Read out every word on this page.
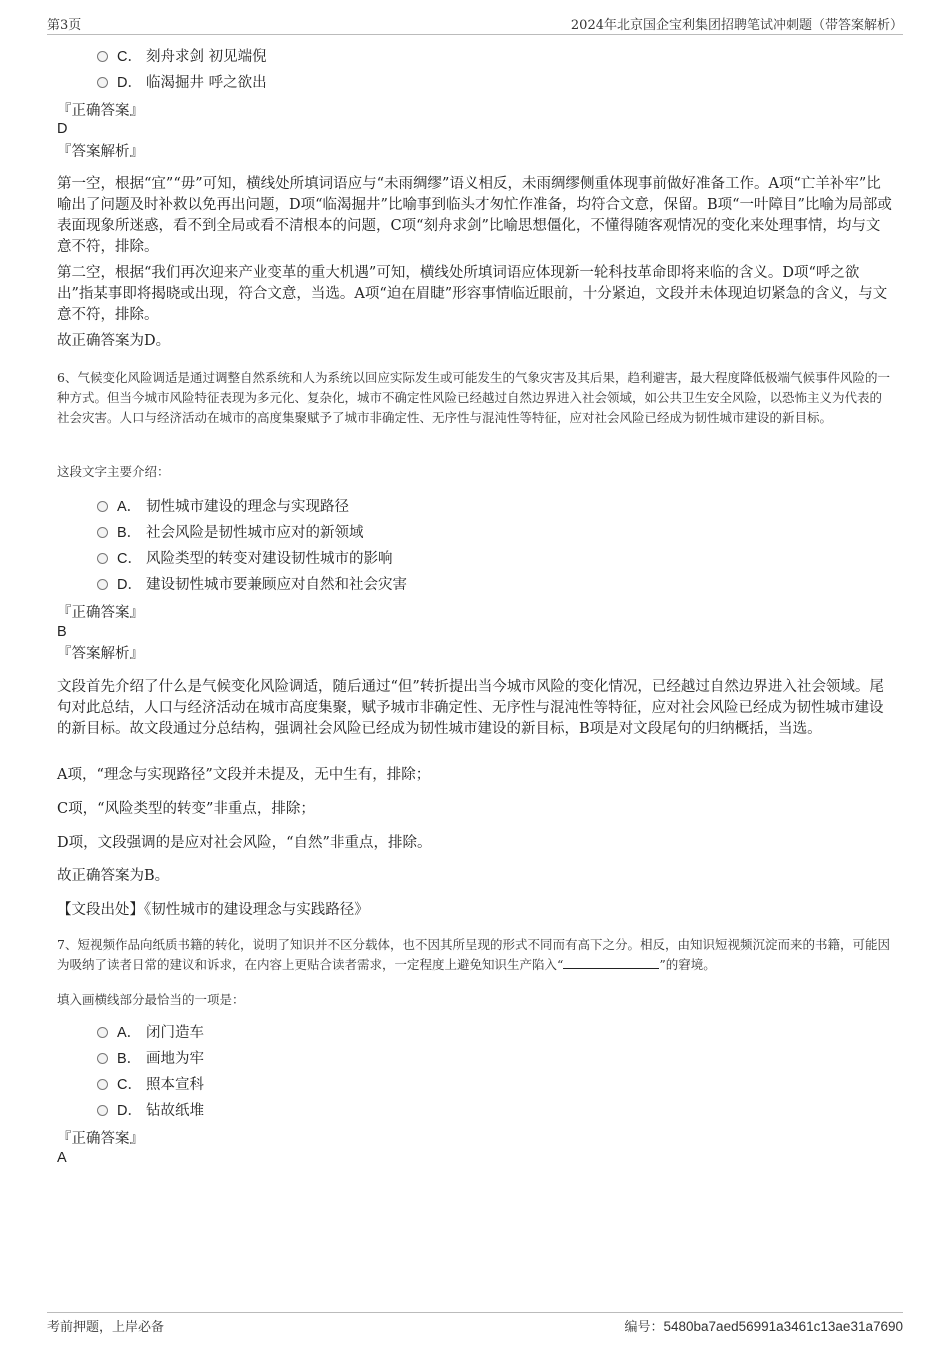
第3页	2024年北京国企宝利集团招聘笔试冲刺题（带答案解析）
C． 刻舟求剑 初见端倪
D． 临渴掘井 呼之欲出
『正确答案』
D
『答案解析』
第一空，根据“宜”“毋”可知，横线处所填词语应与“未雨绸缪”语义相反，未雨绸缪侧重体现事前做好准备工作。A项“亡羊补牢”比喻出了问题及时补救以免再出问题，D项“临渴掘井”比喻事到临头才匆忙作准备，均符合文意，保留。B项“一叶障目”比喻为局部或表面现象所迷惑，看不到全局或看不清根本的问题，C项“刻舟求剑”比喻思想僵化，不懂得随客观情况的变化来处理事情，均与文意不符，排除。
第二空，根据“我们再次迎来产业变革的重大机遇”可知，横线处所填词语应体现新一轮科技革命即将来临的含义。D项“呼之欲出”指某事即将揭晓或出现，符合文意，当选。A项“迫在眉睫”形容事情临近眼前，十分紧迫，文段并未体现迫切紧急的含义，与文意不符，排除。
故正确答案为D。
6、气候变化风险调适是通过调整自然系统和人为系统以回应实际发生或可能发生的气象灾害及其后果，趋利避害，最大程度降低极端气候事件风险的一种方式。但当今城市风险特征表现为多元化、复杂化，城市不确定性风险已经越过自然边界进入社会领域，如公共卫生安全风险，以恐怖主义为代表的社会灾害。人口与经济活动在城市的高度集聚赋予了城市非确定性、无序性与混沌性等特征，应对社会风险已经成为韧性城市建设的新目标。
这段文字主要介绍：
A． 韧性城市建设的理念与实现路径
B． 社会风险是韧性城市应对的新领域
C． 风险类型的转变对建设韧性城市的影响
D． 建设韧性城市要兼顾应对自然和社会灾害
『正确答案』
B
『答案解析』
文段首先介绍了什么是气候变化风险调适，随后通过“但”转折提出当今城市风险的变化情况，已经越过自然边界进入社会领域。尾句对此总结，人口与经济活动在城市高度集聚，赋予城市非确定性、无序性与混沌性等特征，应对社会风险已经成为韧性城市建设的新目标。故文段通过分总结构，强调社会风险已经成为韧性城市建设的新目标，B项是对文段尾句的归纳概括，当选。
A项，“理念与实现路径”文段并未提及，无中生有，排除；
C项，“风险类型的转变”非重点，排除；
D项，文段强调的是应对社会风险，“自然”非重点，排除。
故正确答案为B。
【文段出处】《韧性城市的建设理念与实践路径》
7、短视频作品向纸质书籍的转化，说明了知识并不区分载体，也不因其所呈现的形式不同而有高下之分。相反，由知识短视频沉淀而来的书籍，可能因为吸纳了读者日常的建议和诉求，在内容上更贴合读者需求，一定程度上避免知识生产陷入“	”的窘境。
填入画横线部分最恰当的一项是：
A． 闭门造车
B． 画地为牢
C． 照本宣科
D． 钻故纸堆
『正确答案』
A
考前押题，上岸必备	编号：5480ba7aed56991a3461c13ae31a7690
